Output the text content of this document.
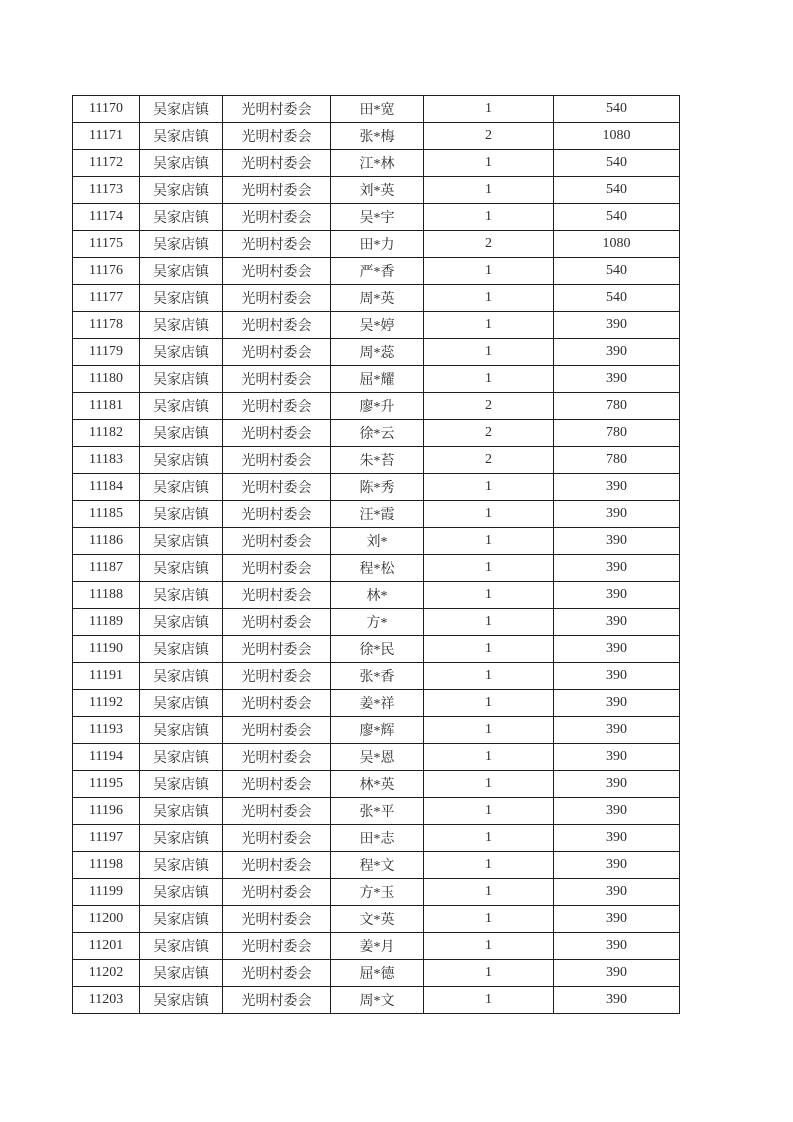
11170	吴家店镇	光明村委会	田*宽	1	540
11171	吴家店镇	光明村委会	张*梅	2	1080
11172	吴家店镇	光明村委会	江*林	1	540
11173	吴家店镇	光明村委会	刘*英	1	540
11174	吴家店镇	光明村委会	吴*宇	1	540
11175	吴家店镇	光明村委会	田*力	2	1080
11176	吴家店镇	光明村委会	严*香	1	540
11177	吴家店镇	光明村委会	周*英	1	540
11178	吴家店镇	光明村委会	吴*婷	1	390
11179	吴家店镇	光明村委会	周*蕊	1	390
11180	吴家店镇	光明村委会	屈*耀	1	390
11181	吴家店镇	光明村委会	廖*升	2	780
11182	吴家店镇	光明村委会	徐*云	2	780
11183	吴家店镇	光明村委会	朱*苔	2	780
11184	吴家店镇	光明村委会	陈*秀	1	390
11185	吴家店镇	光明村委会	汪*霞	1	390
11186	吴家店镇	光明村委会	刘*	1	390
11187	吴家店镇	光明村委会	程*松	1	390
11188	吴家店镇	光明村委会	林*	1	390
11189	吴家店镇	光明村委会	方*	1	390
11190	吴家店镇	光明村委会	徐*民	1	390
11191	吴家店镇	光明村委会	张*香	1	390
11192	吴家店镇	光明村委会	姜*祥	1	390
11193	吴家店镇	光明村委会	廖*辉	1	390
11194	吴家店镇	光明村委会	吴*恩	1	390
11195	吴家店镇	光明村委会	林*英	1	390
11196	吴家店镇	光明村委会	张*平	1	390
11197	吴家店镇	光明村委会	田*志	1	390
11198	吴家店镇	光明村委会	程*文	1	390
11199	吴家店镇	光明村委会	方*玉	1	390
11200	吴家店镇	光明村委会	文*英	1	390
11201	吴家店镇	光明村委会	姜*月	1	390
11202	吴家店镇	光明村委会	屈*德	1	390
11203	吴家店镇	光明村委会	周*文	1	390
